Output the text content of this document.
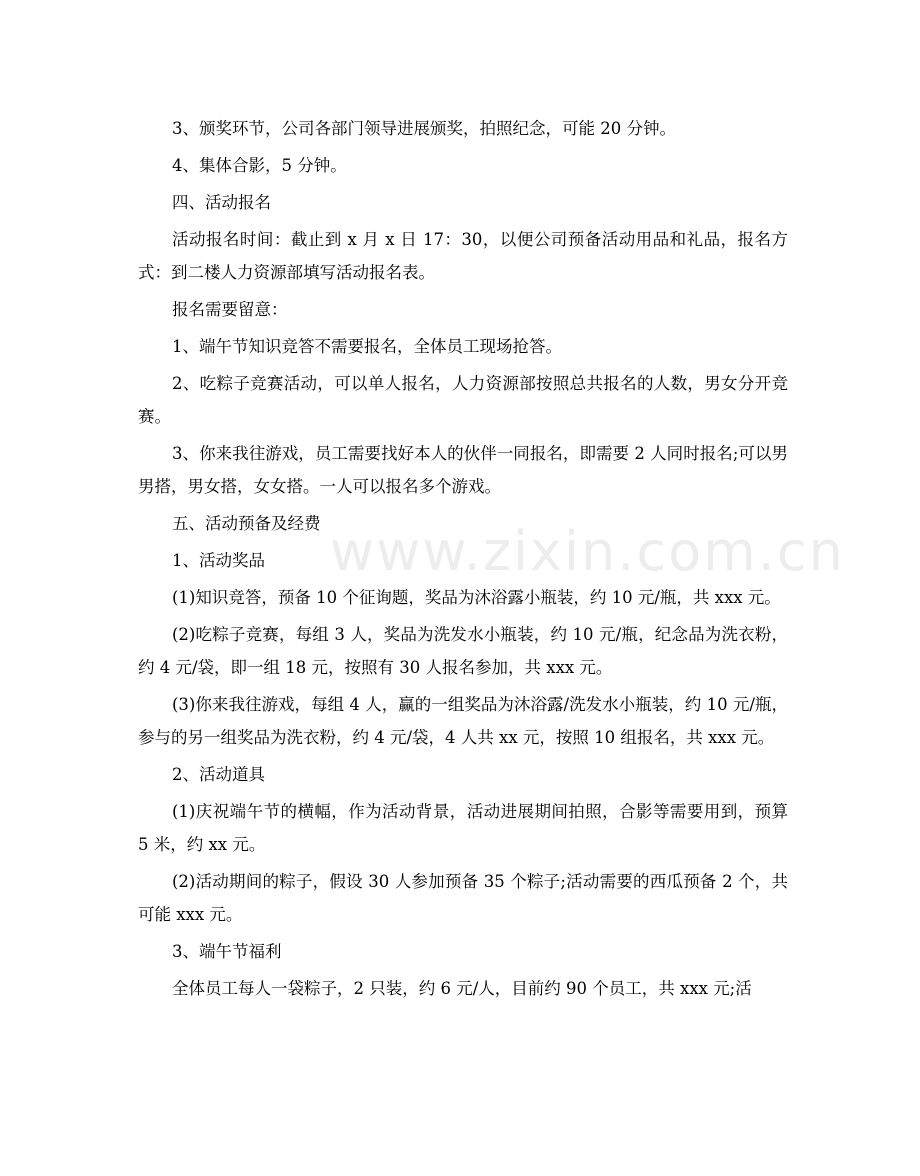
3、颁奖环节，公司各部门领导进展颁奖，拍照纪念，可能 20 分钟。

4、集体合影，5 分钟。

四、活动报名

活动报名时间：截止到 x 月 x 日 17：30，以便公司预备活动用品和礼品，报名方式：到二楼人力资源部填写活动报名表。

报名需要留意：

1、端午节知识竞答不需要报名，全体员工现场抢答。

2、吃粽子竞赛活动，可以单人报名，人力资源部按照总共报名的人数，男女分开竞赛。

3、你来我往游戏，员工需要找好本人的伙伴一同报名，即需要 2 人同时报名;可以男男搭，男女搭，女女搭。一人可以报名多个游戏。

五、活动预备及经费

1、活动奖品

(1)知识竞答，预备 10 个征询题，奖品为沐浴露小瓶装，约 10 元/瓶，共 xxx 元。

(2)吃粽子竞赛，每组 3 人，奖品为洗发水小瓶装，约 10 元/瓶，纪念品为洗衣粉，约 4 元/袋，即一组 18 元，按照有 30 人报名参加，共 xxx 元。

(3)你来我往游戏，每组 4 人，赢的一组奖品为沐浴露/洗发水小瓶装，约 10 元/瓶，参与的另一组奖品为洗衣粉，约 4 元/袋，4 人共 xx 元，按照 10 组报名，共 xxx 元。

2、活动道具

(1)庆祝端午节的横幅，作为活动背景，活动进展期间拍照，合影等需要用到，预算 5 米，约 xx 元。

(2)活动期间的粽子，假设 30 人参加预备 35 个粽子;活动需要的西瓜预备 2 个，共可能 xxx 元。

3、端午节福利

全体员工每人一袋粽子，2 只装，约 6 元/人，目前约 90 个员工，共 xxx 元;活

www.zixin.com.cn
